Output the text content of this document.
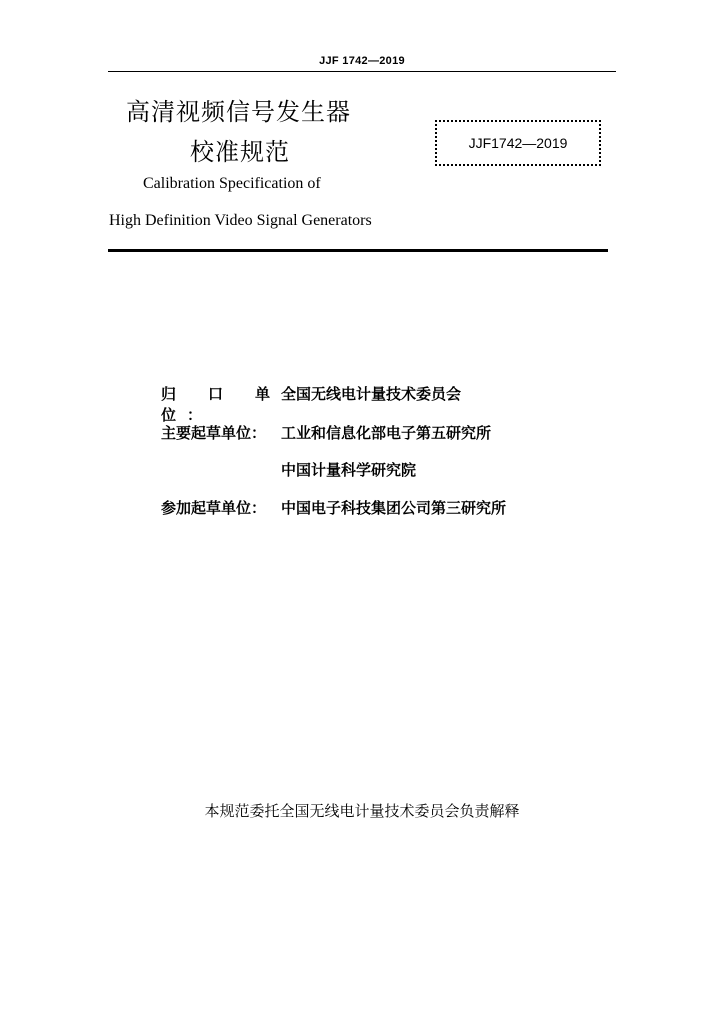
JJF 1742—2019
高清视频信号发生器
校准规范	JJF1742—2019
Calibration Specification of
High Definition Video Signal Generators
归口单位：
全国无线电计量技术委员会
主要起草单位： 工业和信息化部电子第五研究所
中国计量科学研究院
参加起草单位： 中国电子科技集团公司第三研究所
本规范委托全国无线电计量技术委员会负责解释
